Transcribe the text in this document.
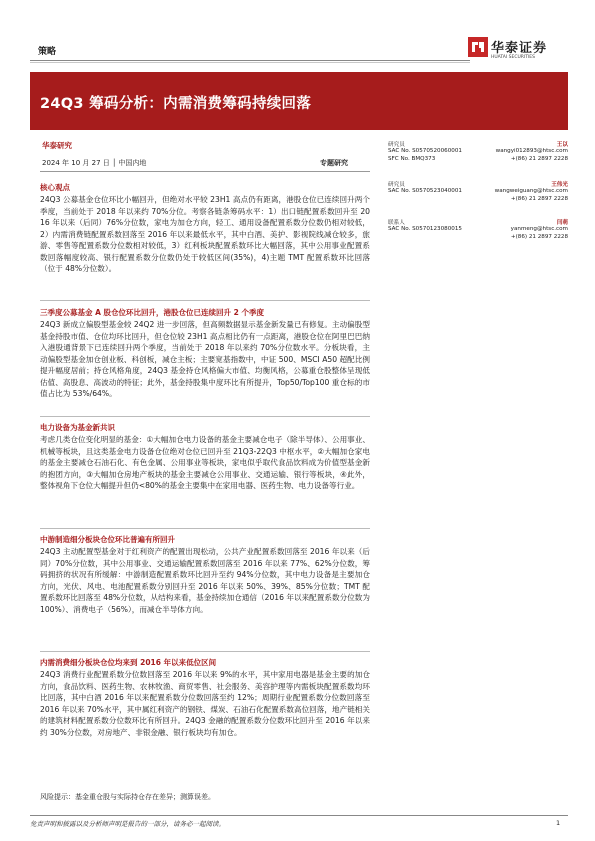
策略	华泰证券
HUATAI SECURITIES
24Q3 筹码分析：内需消费筹码持续回落
华泰研究
2024 年 10 月 27 日 │ 中国内地	专题研究
核心观点
24Q3 公募基金仓位环比小幅回升，但绝对水平较 23H1 高点仍有距离，港股仓位已连续回升两个季度，当前处于 2018 年以来约 70%分位。考察各链条筹码水平：1）出口链配置系数回升至 2016 年以来（后同）76%分位数，家电为加仓方向，轻工、通用设备配置系数分位数仍相对较低，2）内需消费链配置系数回落至 2016 年以来最低水平，其中白酒、美护、影视院线减仓较多，旅游、零售等配置系数分位数相对较低，3）红利板块配置系数环比大幅回落，其中公用事业配置系数回落幅度较高、银行配置系数分位数仍处于较低区间(35%)，4)主题 TMT 配置系数环比回落（位于 48%分位数）。
三季度公募基金 A 股仓位环比回升，港股仓位已连续回升 2 个季度
24Q3 新成立偏股型基金较 24Q2 进一步回落，但高频数据显示基金新发量已有修复。主动偏股型基金持股市值、仓位均环比回升，但仓位较 23H1 高点相比仍有一点距离，港股仓位在阿里巴巴纳入港股通背景下已连续回升两个季度，当前处于 2018 年以来约 70%分位数水平。分板块看，主动偏股型基金加仓创业板、科创板，减仓主板；主要宽基指数中，中证 500、MSCI A50 超配比例提升幅度居前；持仓风格角度，24Q3 基金持仓风格偏大市值、均衡风格，公募重仓股整体呈现低估值、高股息、高波动的特征；此外，基金持股集中度环比有所提升，Top50/Top100 重仓标的市值占比为 53%/64%。
电力设备为基金新共识
考虑几类仓位变化明显的基金：①大幅加仓电力设备的基金主要减仓电子（除半导体）、公用事业、机械等板块，且这类基金电力设备仓位绝对仓位已回升至 21Q3-22Q3 中枢水平，②大幅加仓家电的基金主要减仓石油石化、有色金属、公用事业等板块，家电似乎取代食品饮料成为价值型基金新的抱团方向，③大幅加仓房地产板块的基金主要减仓公用事业、交通运输、银行等板块，④此外，整体视角下仓位大幅提升但仍<80%的基金主要集中在家用电器、医药生物、电力设备等行业。
中游制造细分板块仓位环比普遍有所回升
24Q3 主动配置型基金对于红利资产的配置出现松动，公共产业配置系数回落至 2016 年以来（后同）70%分位数，其中公用事业、交通运输配置系数回落至 2016 年以来 77%、62%分位数，筹码拥挤的状况有所缓解：中游制造配置系数环比回升至约 94%分位数，其中电力设备是主要加仓方向，光伏、风电、电池配置系数分别回升至 2016 年以来 50%、39%、85%分位数；TMT 配置系数环比回落至 48%分位数，从结构来看，基金持续加仓通信（2016 年以来配置系数分位数为 100%）、消费电子（56%），而减仓半导体方向。
内需消费细分板块仓位均来到 2016 年以来低位区间
24Q3 消费行业配置系数分位数回落至 2016 年以来 9%的水平，其中家用电器是基金主要的加仓方向，食品饮料、医药生物、农林牧渔、商贸零售、社会服务、美容护理等内需板块配置系数均环比回落，其中白酒 2016 年以来配置系数分位数回落至约 12%；周期行业配置系数分位数回落至 2016 年以来 70%水平，其中属红利资产的钢铁、煤炭、石油石化配置系数高位回落，地产链相关的建筑材料配置系数分位数环比有所回升。24Q3 金融的配置系数分位数环比回升至 2016 年以来约 30%分位数，对房地产、非银金融、银行板块均有加仓。
风险提示：基金重仓股与实际持仓存在差异；测算误差。
研究员	王以
SAC No. S0570520060001	wangyi012893@htsc.com
SFC No. BMQ373	+(86) 21 2897 2228
研究员	王伟光
SAC No. S0570523040001	wangweiguang@htsc.com
+(86) 21 2897 2228
联系人	闫萌
SAC No. S0570123080015	yanmeng@htsc.com
+(86) 21 2897 2228
免责声明和披露以及分析师声明是报告的一部分，请务必一起阅读。	1
